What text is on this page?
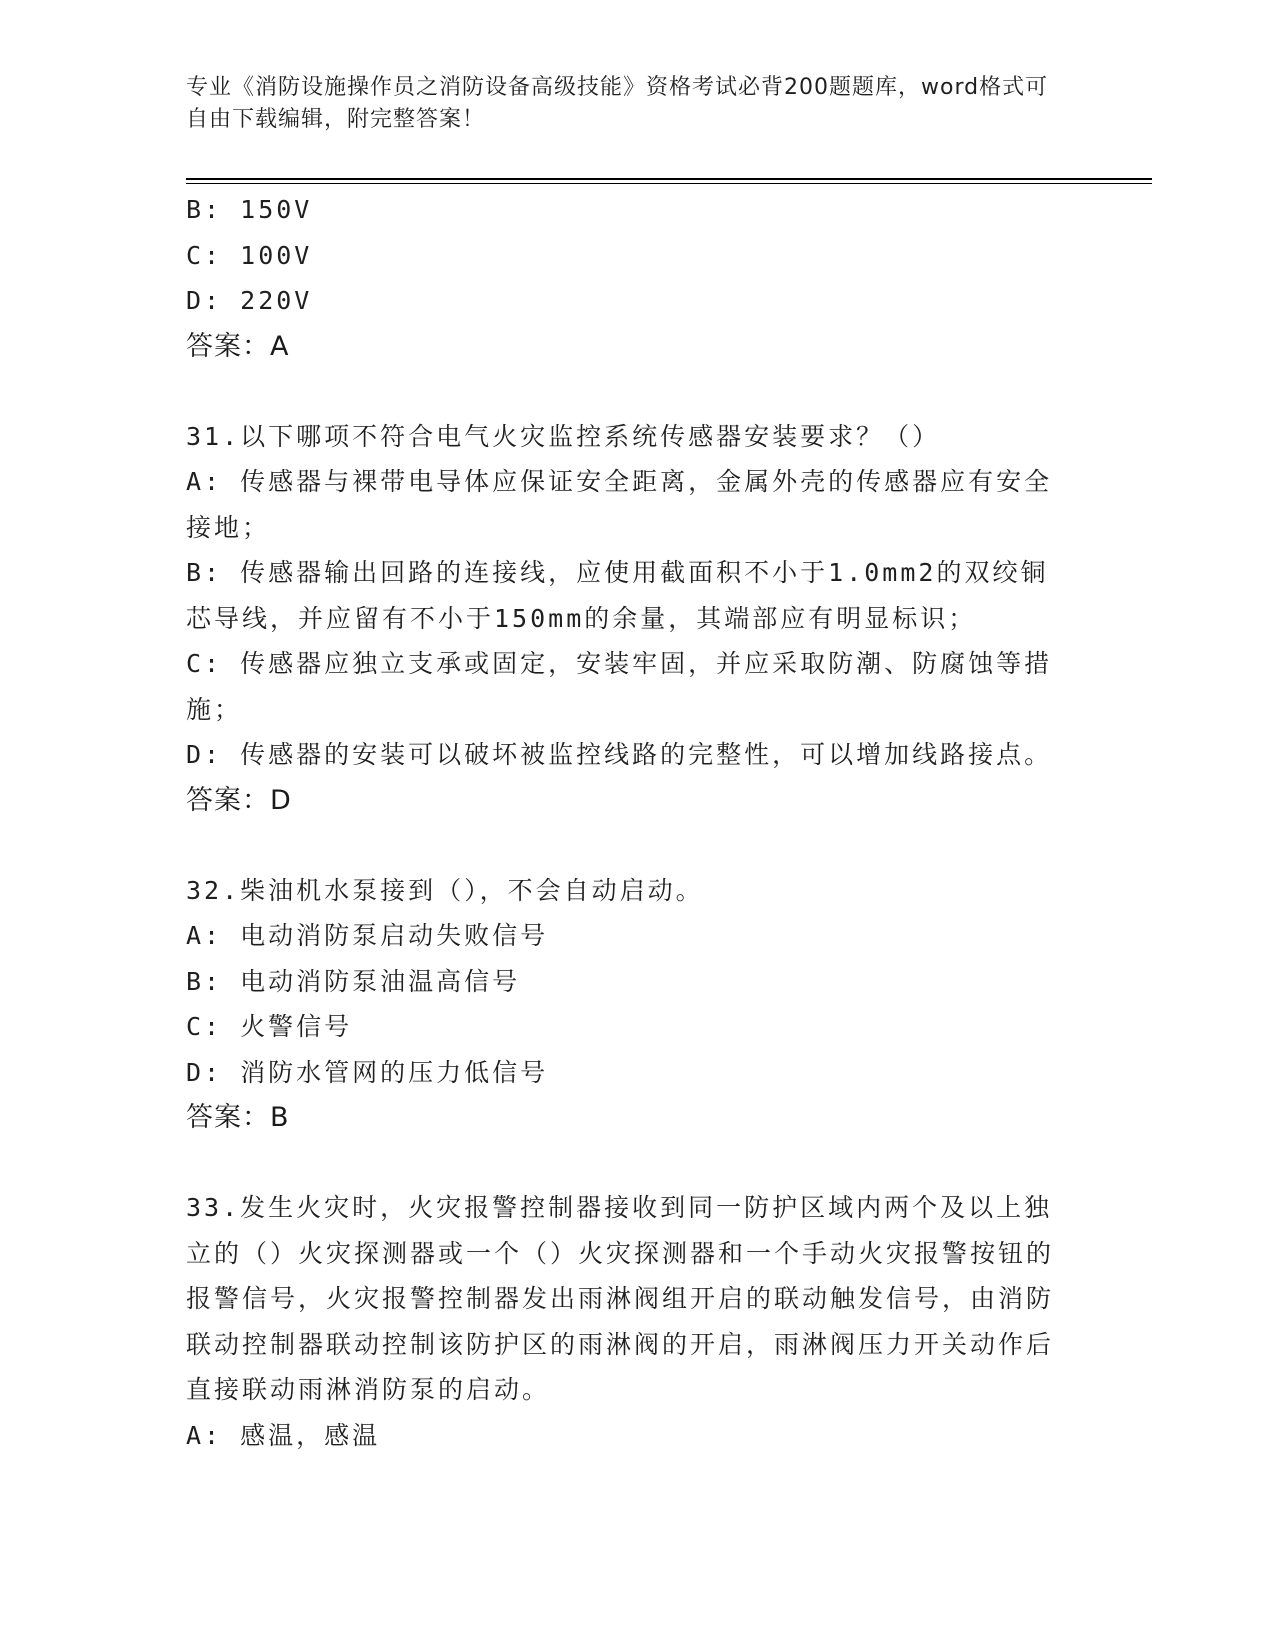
专业《消防设施操作员之消防设备高级技能》资格考试必背200题题库，word格式可自由下载编辑，附完整答案！
B: 150V
C: 100V
D: 220V
答案：A
31.以下哪项不符合电气火灾监控系统传感器安装要求？（）
A: 传感器与裸带电导体应保证安全距离，金属外壳的传感器应有安全接地；
B: 传感器输出回路的连接线，应使用截面积不小于1.0mm2的双绞铜芯导线，并应留有不小于150mm的余量，其端部应有明显标识；
C: 传感器应独立支承或固定，安装牢固，并应采取防潮、防腐蚀等措施；
D: 传感器的安装可以破坏被监控线路的完整性，可以增加线路接点。
答案：D
32.柴油机水泵接到（），不会自动启动。
A: 电动消防泵启动失败信号
B: 电动消防泵油温高信号
C: 火警信号
D: 消防水管网的压力低信号
答案：B
33.发生火灾时，火灾报警控制器接收到同一防护区域内两个及以上独立的（）火灾探测器或一个（）火灾探测器和一个手动火灾报警按钮的报警信号，火灾报警控制器发出雨淋阀组开启的联动触发信号，由消防联动控制器联动控制该防护区的雨淋阀的开启，雨淋阀压力开关动作后直接联动雨淋消防泵的启动。
A: 感温，感温
